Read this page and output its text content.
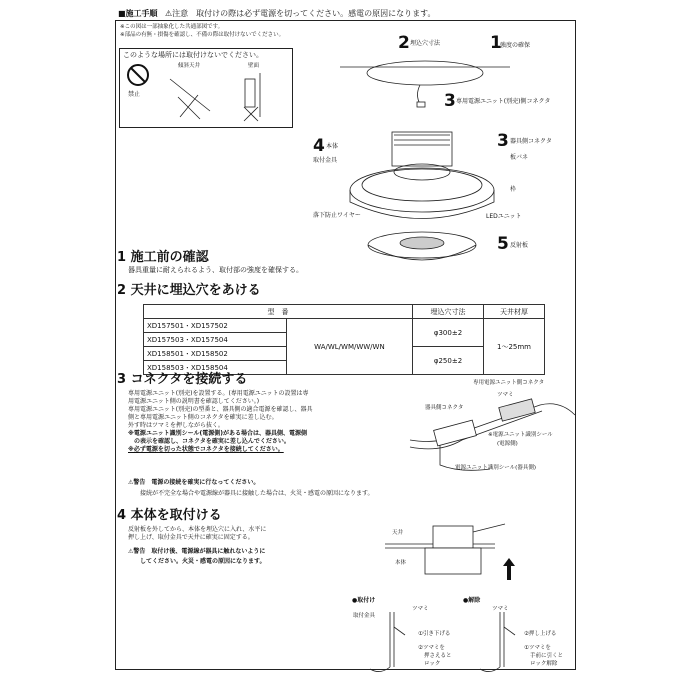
■施工手順 ⚠注意　取付けの際は必ず電源を切ってください。感電の原因になります。
※この図は一部抽象化した共通部図です。
※部品の有無・損傷を確認し、不備の際は取付けないでください。
このような場所には取付けないでください。
禁止
傾斜天井	壁面
2 埋込穴寸法	1
強度の確保
3 専用電源ユニット(別売)側コネクタ
3 器具側コネクタ
4 本体
5 反射板
取付金具	板バネ
枠
落下防止ワイヤー	LEDユニット
1 施工前の確認
器具重量に耐えられるよう、取付部の強度を確保する。
2 天井に埋込穴をあける
型　番		埋込穴寸法	天井材厚
XD157501・XD157502	WA/WL/WM/WW/WN	φ300±2	1〜25mm
XD157503・XD157504			
XD158501・XD158502		φ250±2	
XD158503・XD158504			
3 コネクタを接続する
専用電源ユニット(別売)を設置する。(専用電源ユニットの設置は専
用電源ユニット側の説明書を確認してください。)
専用電源ユニット(別売)の型番と、器具側の適合電源を確認し、器具
側と専用電源ユニット側のコネクタを確実に差し込む。
外す時はツマミを押しながら抜く。
※電源ユニット識別シール(電源側)がある場合は、器具側、電源側
　の表示を確認し、コネクタを確実に差し込んでください。
※必ず電源を切った状態でコネクタを接続してください。
⚠警告　電源の接続を確実に行なってください。
接続が不完全な場合や電源線が器具に接触した場合は、火災・感電の原因になります。
専用電源ユニット側コネクタ
ツマミ
器具側コネクタ
※電源ユニット識別シール
(電源側)
電源ユニット識別シール(器具側)
4 本体を取付ける
反射板を外してから、本体を埋込穴に入れ、水平に
押し上げ、取付金具で天井に確実に固定する。
⚠警告　取付け後、電源線が器具に触れないように
してください。火災・感電の原因になります。
天井
本体
●取付け	●解除
ツマミ
取付金具
①引き下げる
②ツマミを
押さえると
ロック
ツマミ
②押し上げる
①ツマミを
手前に引くと
ロック解除
